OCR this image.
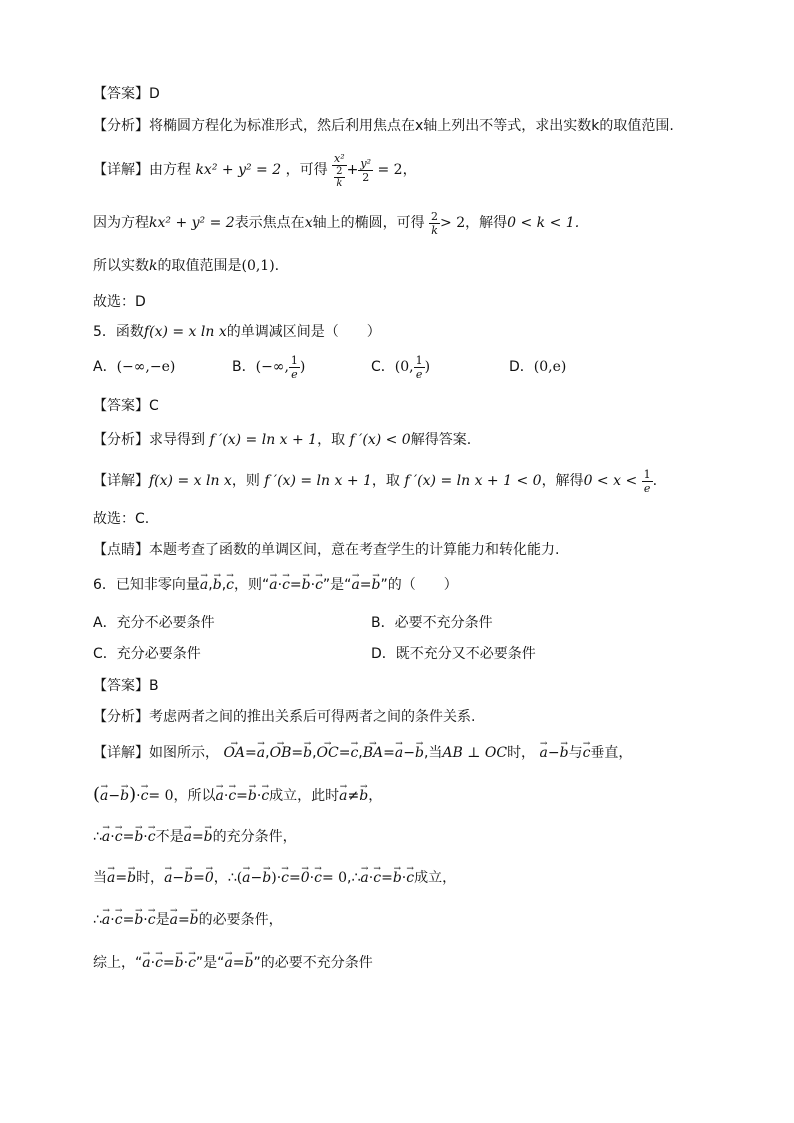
【答案】D
【分析】将椭圆方程化为标准形式，然后利用焦点在x轴上列出不等式，求出实数k的取值范围.
【详解】由方程 kx² + y² = 2 ，可得 $\frac{\text{x²}}{\frac{2}{k}} + \frac{\text{y²}}{2} = 2$，
因为方程kx² + y² = 2表示焦点在x轴上的椭圆，可得 $\frac{2}{k} > 2$，解得0 < k < 1.
所以实数k的取值范围是(0,1).
故选：D
5．函数f(x) = x ln x的单调减区间是（　　）
A．(−∞,−e)	B．(−∞, $\frac{1}{e}$ )	C．(0, $\frac{1}{e}$ )	D．(0,e)
【答案】C
【分析】求导得到 f ′(x) = ln x + 1，取 f ′(x) < 0解得答案.
【详解】f(x) = x ln x，则 f ′(x) = ln x + 1，取 f ′(x) = ln x + 1 < 0，解得$0 < x < \frac{1}{e}$ .
故选：C.
【点睛】本题考查了函数的单调区间，意在考查学生的计算能力和转化能力.
6．已知非零向量→ a,→ b,→ c，则“→ a·→ c=→ b·→ c”是“→ a=→ b”的（　　）
A．充分不必要条件	B．必要不充分条件
C．充分必要条件	D．既不充分又不必要条件
【答案】B
【分析】考虑两者之间的推出关系后可得两者之间的条件关系.
【详解】如图所示， → OA=→ a,→ OB=→ b,→ OC=→ c,→ BA=→ a−→ b,当AB ⊥ OC时， → a−→ b与→ c垂直，
(→ a−→ b)·→ c= 0，所以→ a·→ c=→ b·→ c成立，此时→ a≠→ b，
∴→ a·→ c=→ b·→ c不是→ a=→ b的充分条件，
当→ a=→ b时，→ a−→ b=→ 0，∴(→ a−→ b)·→ c=→ 0·→ c= 0,∴→ a·→ c=→ b·→ c成立，
∴→ a·→ c=→ b·→ c是→ a=→ b的必要条件，
综上，“→ a·→ c=→ b·→ c”是“→ a=→ b”的必要不充分条件
